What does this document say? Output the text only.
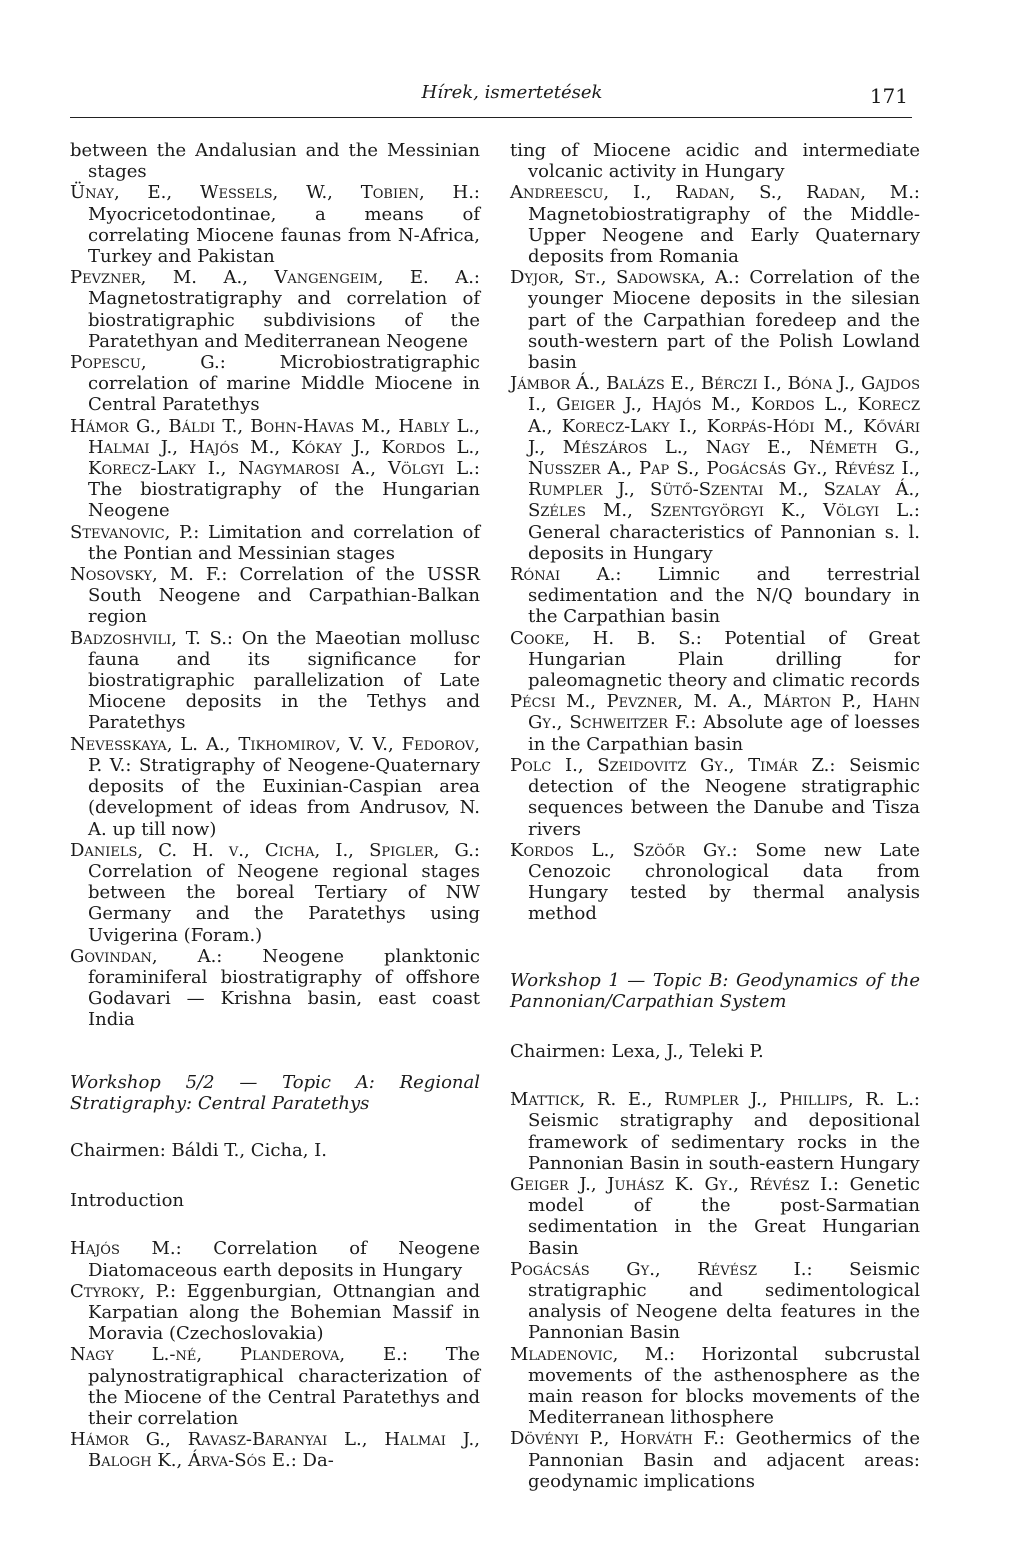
Hírek, ismertetések	171

between the Andalusian and the Messinian stages

Ünay, E., Wessels, W., Tobien, H.: Myocricetodontinae, a means of correlating Miocene faunas from N-Africa, Turkey and Pakistan

Pevzner, M. A., Vangengeim, E. A.: Magnetostratigraphy and correlation of biostratigraphic subdivisions of the Paratethyan and Mediterranean Neogene

Popescu, G.: Microbiostratigraphic correlation of marine Middle Miocene in Central Paratethys

Hámor G., Báldi T., Bohn-Havas M., Hably L., Halmai J., Hajós M., Kókay J., Kordos L., Korecz-Laky I., Nagymarosi A., Völgyi L.: The biostratigraphy of the Hungarian Neogene

Stevanovic, P.: Limitation and correlation of the Pontian and Messinian stages

Nosovsky, M. F.: Correlation of the USSR South Neogene and Carpathian-Balkan region

Badzoshvili, T. S.: On the Maeotian mollusc fauna and its significance for biostratigraphic parallelization of Late Miocene deposits in the Tethys and Paratethys

Nevesskaya, L. A., Tikhomirov, V. V., Fedorov, P. V.: Stratigraphy of Neogene-Quaternary deposits of the Euxinian-Caspian area (development of ideas from Andrusov, N. A. up till now)

Daniels, C. H. v., Cicha, I., Spigler, G.: Correlation of Neogene regional stages between the boreal Tertiary of NW Germany and the Paratethys using Uvigerina (Foram.)

Govindan, A.: Neogene planktonic foraminiferal biostratigraphy of offshore Godavari — Krishna basin, east coast India

Workshop 5/2 — Topic A: Regional Stratigraphy: Central Paratethys

Chairmen: Báldi T., Cicha, I.

Introduction

Hajós M.: Correlation of Neogene Diatomaceous earth deposits in Hungary

Ctyroky, P.: Eggenburgian, Ottnangian and Karpatian along the Bohemian Massif in Moravia (Czechoslovakia)

Nagy L.-né, Planderova, E.: The palynostratigraphical characterization of the Miocene of the Central Paratethys and their correlation

Hámor G., Ravasz-Baranyai L., Halmai J., Balogh K., Árva-Sós E.: Da-

ting of Miocene acidic and intermediate volcanic activity in Hungary

Andreescu, I., Radan, S., Radan, M.: Magnetobiostratigraphy of the Middle-Upper Neogene and Early Quaternary deposits from Romania

Dyjor, St., Sadowska, A.: Correlation of the younger Miocene deposits in the silesian part of the Carpathian foredeep and the south-western part of the Polish Lowland basin

Jámbor Á., Balázs E., Bérczi I., Bóna J., Gajdos I., Geiger J., Hajós M., Kordos L., Korecz A., Korecz-Laky I., Korpás-Hódi M., Kővári J., Mészáros L., Nagy E., Németh G., Nusszer A., Pap S., Pogácsás Gy., Révész I., Rumpler J., Sütő-Szentai M., Szalay Á., Széles M., Szentgyörgyi K., Völgyi L.: General characteristics of Pannonian s. l. deposits in Hungary

Rónai A.: Limnic and terrestrial sedimentation and the N/Q boundary in the Carpathian basin

Cooke, H. B. S.: Potential of Great Hungarian Plain drilling for paleomagnetic theory and climatic records

Pécsi M., Pevzner, M. A., Márton P., Hahn Gy., Schweitzer F.: Absolute age of loesses in the Carpathian basin

Polc I., Szeidovitz Gy., Timár Z.: Seismic detection of the Neogene stratigraphic sequences between the Danube and Tisza rivers

Kordos L., Szöőr Gy.: Some new Late Cenozoic chronological data from Hungary tested by thermal analysis method

Workshop 1 — Topic B: Geodynamics of the Pannonian/Carpathian System

Chairmen: Lexa, J., Teleki P.

Mattick, R. E., Rumpler J., Phillips, R. L.: Seismic stratigraphy and depositional framework of sedimentary rocks in the Pannonian Basin in south-eastern Hungary

Geiger J., Juhász K. Gy., Révész I.: Genetic model of the post-Sarmatian sedimentation in the Great Hungarian Basin

Pogácsás Gy., Révész I.: Seismic stratigraphic and sedimentological analysis of Neogene delta features in the Pannonian Basin

Mladenovic, M.: Horizontal subcrustal movements of the asthenosphere as the main reason for blocks movements of the Mediterranean lithosphere

Dövényi P., Horváth F.: Geothermics of the Pannonian Basin and adjacent areas: geodynamic implications
